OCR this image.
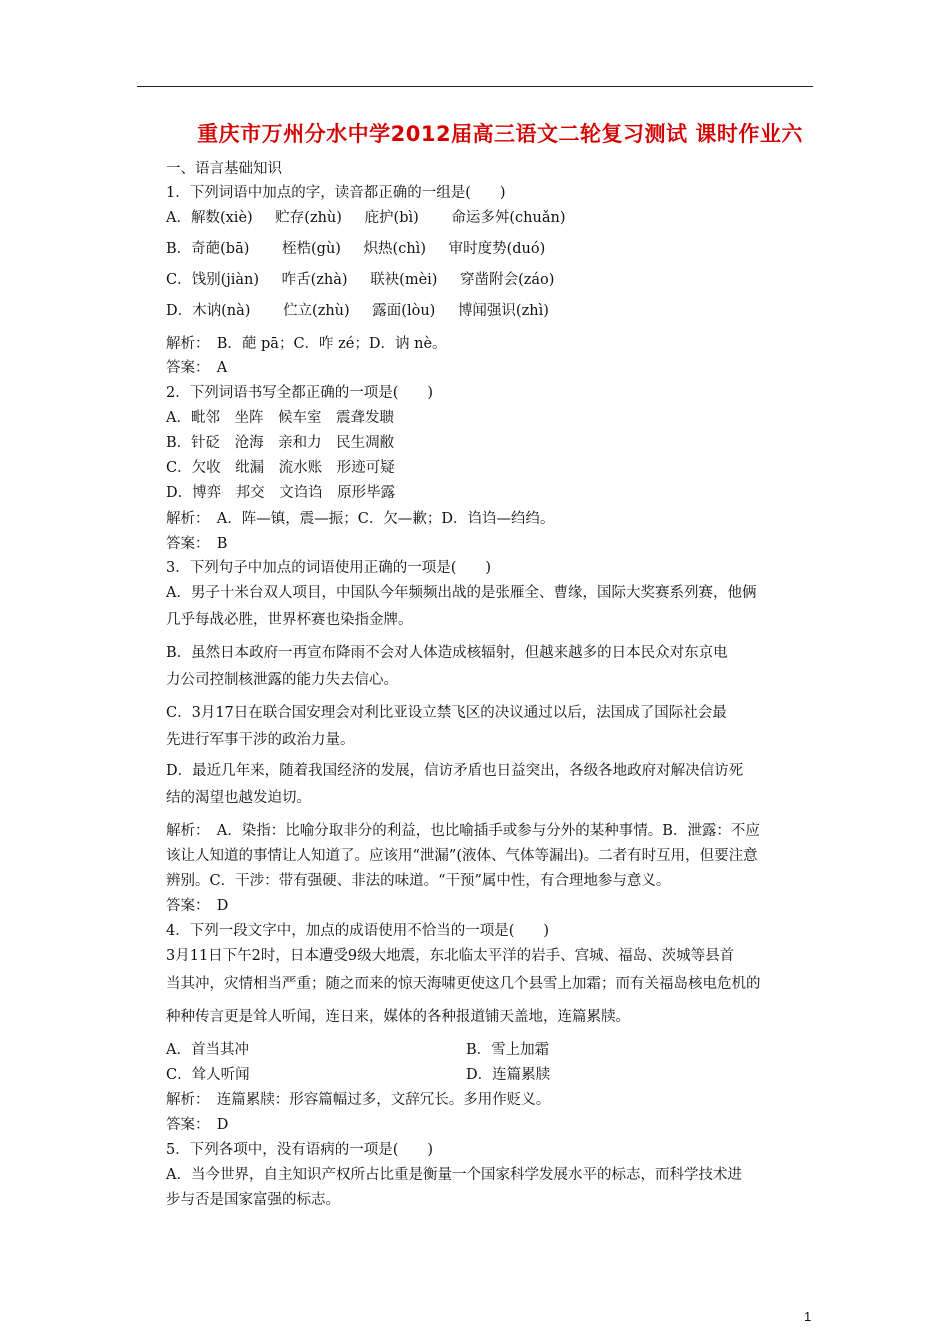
重庆市万州分水中学2012届高三语文二轮复习测试 课时作业六
一、语言基础知识
1．下列词语中加点的字，读音都正确的一组是(　　)
A．解数(xiè) 贮存(zhù) 庇护(bì) 命运多舛(chuǎn)
B．奇葩(bā) 桎梏(gù) 炽热(chì) 审时度势(duó)
C．饯别(jiàn) 咋舌(zhà) 联袂(mèi) 穿凿附会(záo)
D．木讷(nà) 伫立(zhù) 露面(lòu) 博闻强识(zhì)
解析：　B．葩 pā；C．咋 zé；D．讷 nè。
答案：　A
2．下列词语书写全都正确的一项是(　　)
A．毗邻　坐阵　候车室　震聋发聩
B．针砭　沧海　亲和力　民生凋敝
C．欠收　纰漏　流水账　形迹可疑
D．博弈　邦交　文诌诌　原形毕露
解析：　A．阵—镇，震—振；C．欠—歉；D．诌诌—绉绉。
答案：　B
3．下列句子中加点的词语使用正确的一项是(　　)
A．男子十米台双人项目，中国队今年频频出战的是张雁全、曹缘，国际大奖赛系列赛，他俩
几乎每战必胜，世界杯赛也染指金牌。
B．虽然日本政府一再宣布降雨不会对人体造成核辐射，但越来越多的日本民众对东京电
力公司控制核泄露的能力失去信心。
C．3月17日在联合国安理会对利比亚设立禁飞区的决议通过以后，法国成了国际社会最
先进行军事干涉的政治力量。
D．最近几年来，随着我国经济的发展，信访矛盾也日益突出，各级各地政府对解决信访死
结的渴望也越发迫切。
解析：　A．染指：比喻分取非分的利益，也比喻插手或参与分外的某种事情。B．泄露：不应
该让人知道的事情让人知道了。应该用“泄漏”(液体、气体等漏出)。二者有时互用，但要注意
辨别。C．干涉：带有强硬、非法的味道。“干预”属中性，有合理地参与意义。
答案：　D
4．下列一段文字中，加点的成语使用不恰当的一项是(　　)
3月11日下午2时，日本遭受9级大地震，东北临太平洋的岩手、宫城、福岛、茨城等县首
当其冲，灾情相当严重；随之而来的惊天海啸更使这几个县雪上加霜；而有关福岛核电危机的
种种传言更是耸人听闻，连日来，媒体的各种报道铺天盖地，连篇累牍。
A．首当其冲	B．雪上加霜
C．耸人听闻	D．连篇累牍
解析：　连篇累牍：形容篇幅过多，文辞冗长。多用作贬义。
答案：　D
5．下列各项中，没有语病的一项是(　　)
A．当今世界，自主知识产权所占比重是衡量一个国家科学发展水平的标志，而科学技术进
步与否是国家富强的标志。
1
